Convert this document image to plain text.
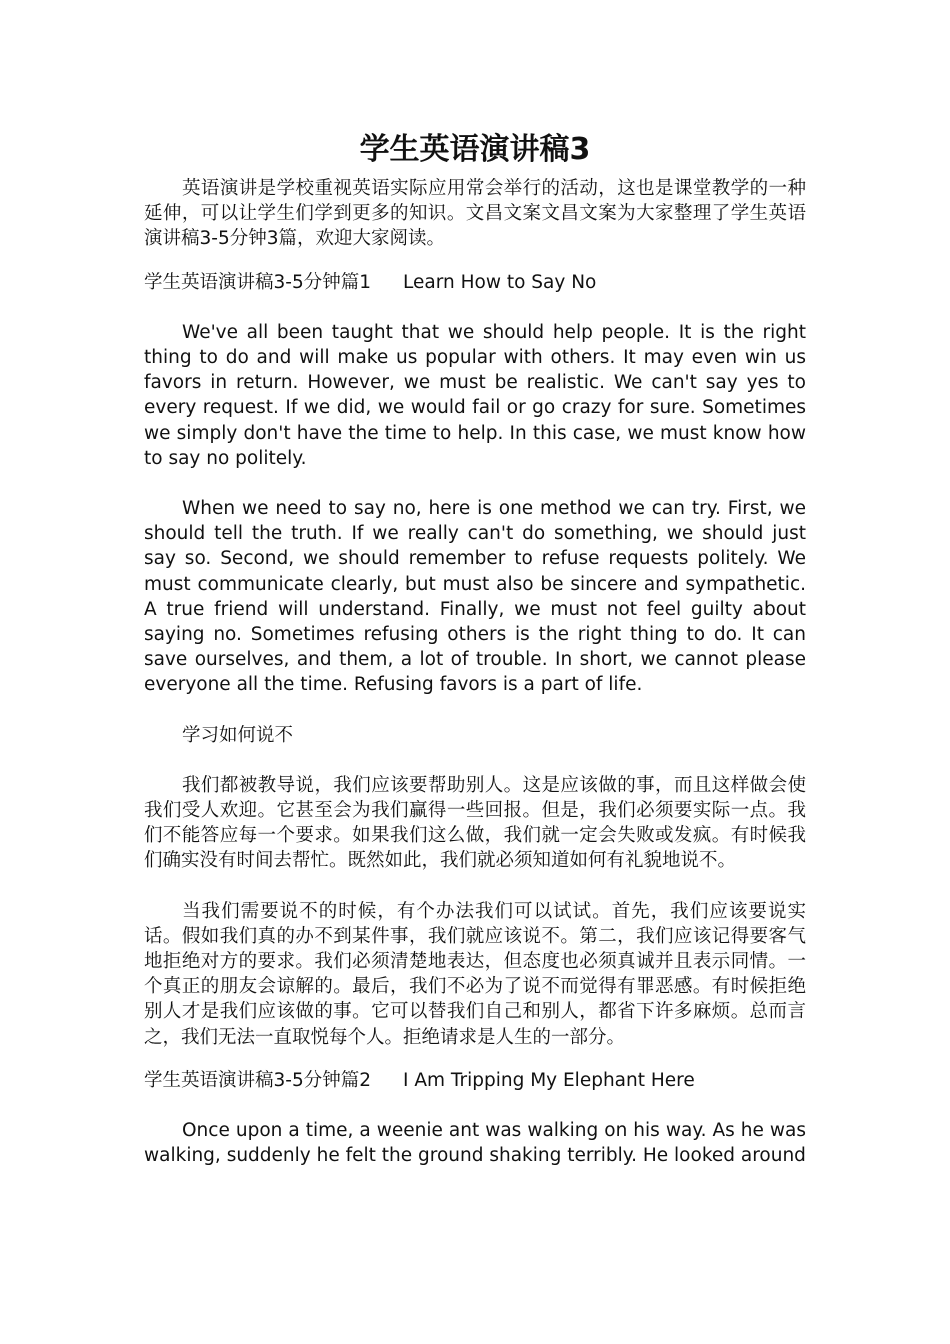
学生英语演讲稿3

英语演讲是学校重视英语实际应用常会举行的活动，这也是课堂教学的一种延伸，可以让学生们学到更多的知识。文昌文案文昌文案为大家整理了学生英语演讲稿3-5分钟3篇，欢迎大家阅读。

学生英语演讲稿3-5分钟篇1 Learn How to Say No

We've all been taught that we should help people. It is the right thing to do and will make us popular with others. It may even win us favors in return. However, we must be realistic. We can't say yes to every request. If we did, we would fail or go crazy for sure. Sometimes we simply don't have the time to help. In this case, we must know how to say no politely.

When we need to say no, here is one method we can try. First, we should tell the truth. If we really can't do something, we should just say so. Second, we should remember to refuse requests politely. We must communicate clearly, but must also be sincere and sympathetic. A true friend will understand. Finally, we must not feel guilty about saying no. Sometimes refusing others is the right thing to do. It can save ourselves, and them, a lot of trouble. In short, we cannot please everyone all the time. Refusing favors is a part of life.

学习如何说不

我们都被教导说，我们应该要帮助别人。这是应该做的事，而且这样做会使我们受人欢迎。它甚至会为我们赢得一些回报。但是，我们必须要实际一点。我们不能答应每一个要求。如果我们这么做，我们就一定会失败或发疯。有时候我们确实没有时间去帮忙。既然如此，我们就必须知道如何有礼貌地说不。

当我们需要说不的时候，有个办法我们可以试试。首先，我们应该要说实话。假如我们真的办不到某件事，我们就应该说不。第二，我们应该记得要客气地拒绝对方的要求。我们必须清楚地表达，但态度也必须真诚并且表示同情。一个真正的朋友会谅解的。最后，我们不必为了说不而觉得有罪恶感。有时候拒绝别人才是我们应该做的事。它可以替我们自己和别人，都省下许多麻烦。总而言之，我们无法一直取悦每个人。拒绝请求是人生的一部分。

学生英语演讲稿3-5分钟篇2 I Am Tripping My Elephant Here

Once upon a time, a weenie ant was walking on his way. As he was walking, suddenly he felt the ground shaking terribly. He looked around
